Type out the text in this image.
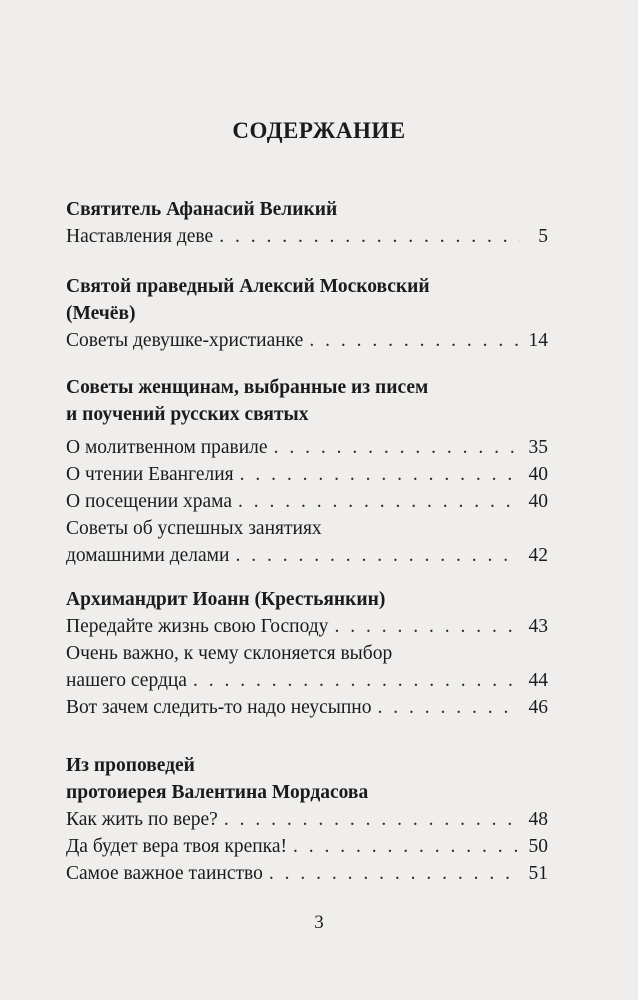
СОДЕРЖАНИЕ
Святитель Афанасий Великий
Наставления деве . . .	5
Святой праведный Алексий Московский
(Мечёв)
Советы девушке-христианке . . .	14
Советы женщинам, выбранные из писем
и поучений русских святых
О молитвенном правиле . . .	35
О чтении Евангелия . . .	40
О посещении храма . . .	40
Советы об успешных занятиях
домашними делами . . .	42
Архимандрит Иоанн (Крестьянкин)
Передайте жизнь свою Господу . . .	43
Очень важно, к чему склоняется выбор
нашего сердца . . .	44
Вот зачем следить-то надо неусыпно . . .	46
Из проповедей
протоиерея Валентина Мордасова
Как жить по вере? . . .	48
Да будет вера твоя крепка! . . .	50
Самое важное таинство . . .	51
3
